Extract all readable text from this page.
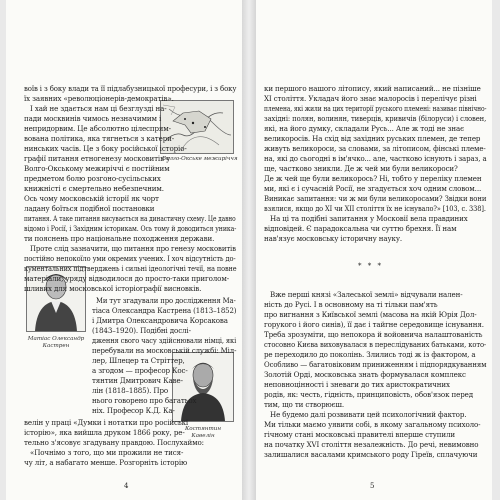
Волго-Окське межиріччя
Матіас Олександр
Кастрен
Костянтин
Кавелін

воїв і з боку влади та її підлабузницької професури, і з боку

їх заявних «революціонерів-демократів».

І хай не здається нам ці безглузді на-

пади москвинів чимось незначимим і

непридорвим. Це абсолютно цілеспрям-

вована політика, яка тягнеться з катери-

нинських часів. Це з боку російської історіо-

графії питання етногенезу московитів у

Волго-Окському межиріччі є постійним

предметом болю розгоно-сусільських

книжністі є смертельно небезпечним.

Ось чому московській історії як чорт

ладану боїться подібної постановки

питання. А таке питання висувається на династичну схему. Це давно

відомо і Росії, і Західним історикам. Ось тому й доводиться уника-

ти пояснень про національне походження держави.

Проте слід зазначити, що питання про генезу московитів

постійно непокоїло уми окремих учених. І хоч відсутність до-

кументальних підтверджень і сильні ідеологічні течії, на повне

матеріали, уряду відводилося до просто-таки приголом-

шливих для московської історіографії висновків.

Ми тут згадували про дослідження Ма-

тіаса Олександра Кастрена (1813–1852)

і Дмитра Олександровича Корсакова

(1843–1920). Подібні дослі-

дження свого часу здійснювали німці, які

перебували на московській службі: Міл-

лер, Шлецер та Стріттер,

а згодом — професор Кос-

тянтин Дмитрович Каве-

лін (1818–1885). Про

нього говорено про багатьох

ніх. Професор К.Д. Ка-

велін у праці «Думки і нотатки про російські

історію», яка вийшла друком 1866 року, ре-

тельно з'ясовує згадувану правдою. Послухаймо:

«Почнімо з того, що ми прожили не тися-

чу літ, а набагато менше. Розгорніть історію

4

ки першого нашого літопису, який написаний... не пізніше

XI століття. Укладач його знає малоросів і перелічує різні

племена, які жили на цих території руського племені: називає північно-

західні: полян, волинян, тиверців, кривичів (білоруси) і словен,

які, на його думку, складали Русь... Але ж тоді не знає

великоросів. На схід від західних руських племен, де тепер

живуть великороси, за словами, за літописом, фінські племе-

на, які до сьогодні в ім'ячко... але, частково існують і зараз, а

ще, частково зникли. Де ж чей ми були великороси?

Де ж чей ще були великорось? Ні, тобто у переліку племен

ми, які є і сучасній Росії, не згадується хоч одним словом...

Виникає запитання: чи ж ми були великоросами? Звідки вони

взялися, якщо до XI чи XII століття їх не існувало?» [103, с. 338].

На ці та подібні запитання у Московії вела правдиних

відповідей. Є парадоксальна чи суттю брехня. Її нам

нав'язує московську історичну науку.

* * *

Вже перші князі «Залеської землі» відчували нален-

ність до Русі. І в основному на ті тільки пам'ять

про вигнання з Київської землі (масова на якій Юрія Дол-

горукого і його синів), її дає і тайгне середовище існування.

Треба зрозуміти, що непокора й войовнича налаштованість

стосовно Києва виховувалася в переслідуваних батьками, кото-

ре переходило до поколінь. Злились тоді ж із фактором, а

Особливо — багатовіковим приниженням і підпорядкуванням

Золотій Орді, московська знать формувалася комплекс

неповноцінності і зневаги до тих аристократичних

родів, як: честь, гідність, принциповість, обов'язок перед

тим, що ти створюєш.

Не будемо далі розвивати цей психологічний фактор.

Ми тільки маємо уявити собі, в якому загальному психоло-

гічному стані московські правителі вперше ступили

на початку XVI століття незалежність. До речі, невимовно

залишалися васалами кримського роду Гіреїв, сплачуючи

5
